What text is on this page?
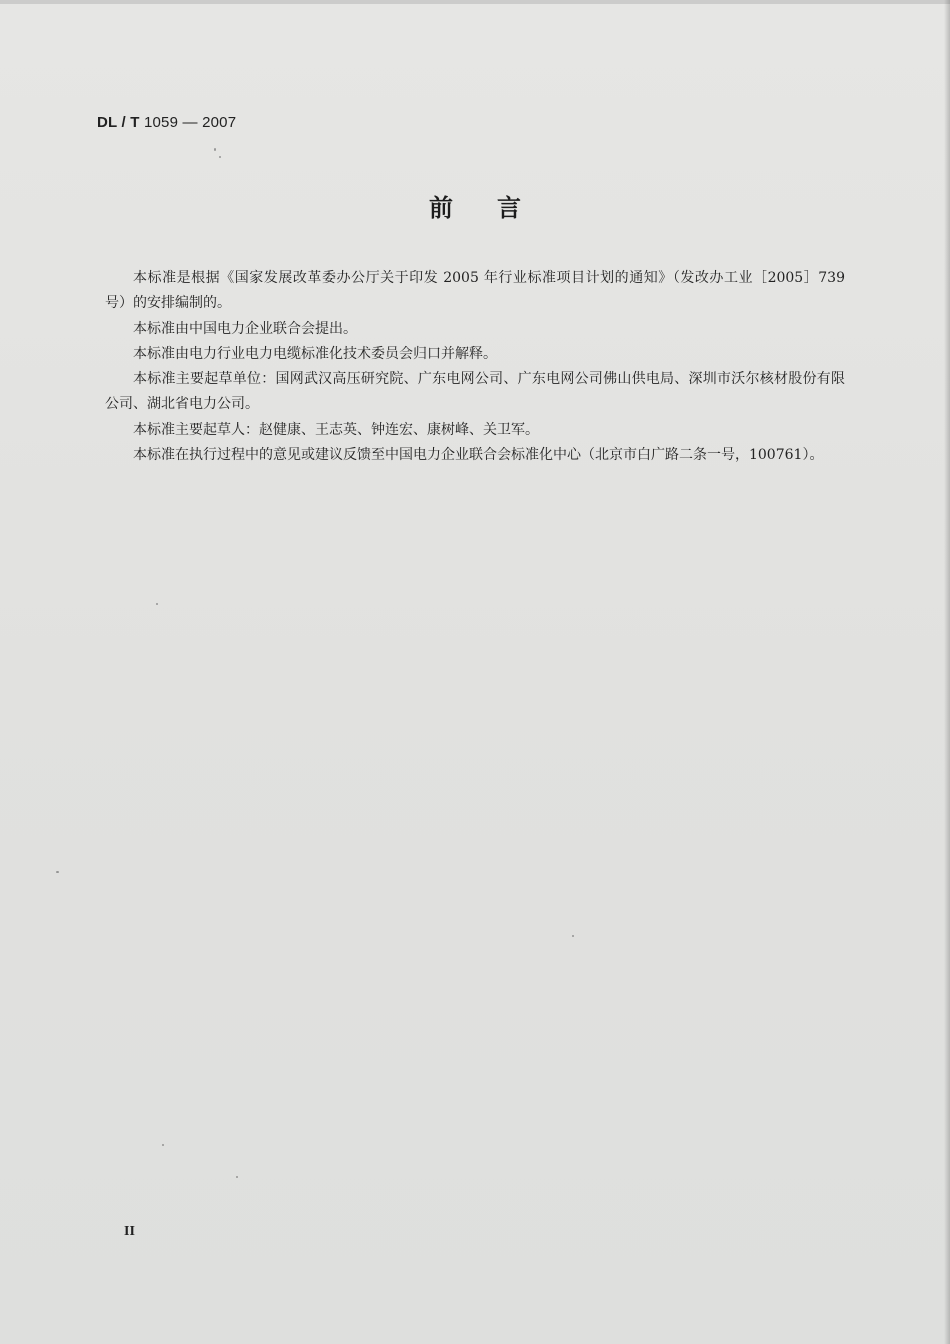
DL / T 1059 — 2007
前言

本标准是根据《国家发展改革委办公厅关于印发 2005 年行业标准项目计划的通知》（发改办工业［2005］739 号）的安排编制的。

本标准由中国电力企业联合会提出。

本标准由电力行业电力电缆标准化技术委员会归口并解释。

本标准主要起草单位：国网武汉高压研究院、广东电网公司、广东电网公司佛山供电局、深圳市沃尔核材股份有限公司、湖北省电力公司。

本标准主要起草人：赵健康、王志英、钟连宏、康树峰、关卫军。

本标准在执行过程中的意见或建议反馈至中国电力企业联合会标准化中心（北京市白广路二条一号，100761）。

II
